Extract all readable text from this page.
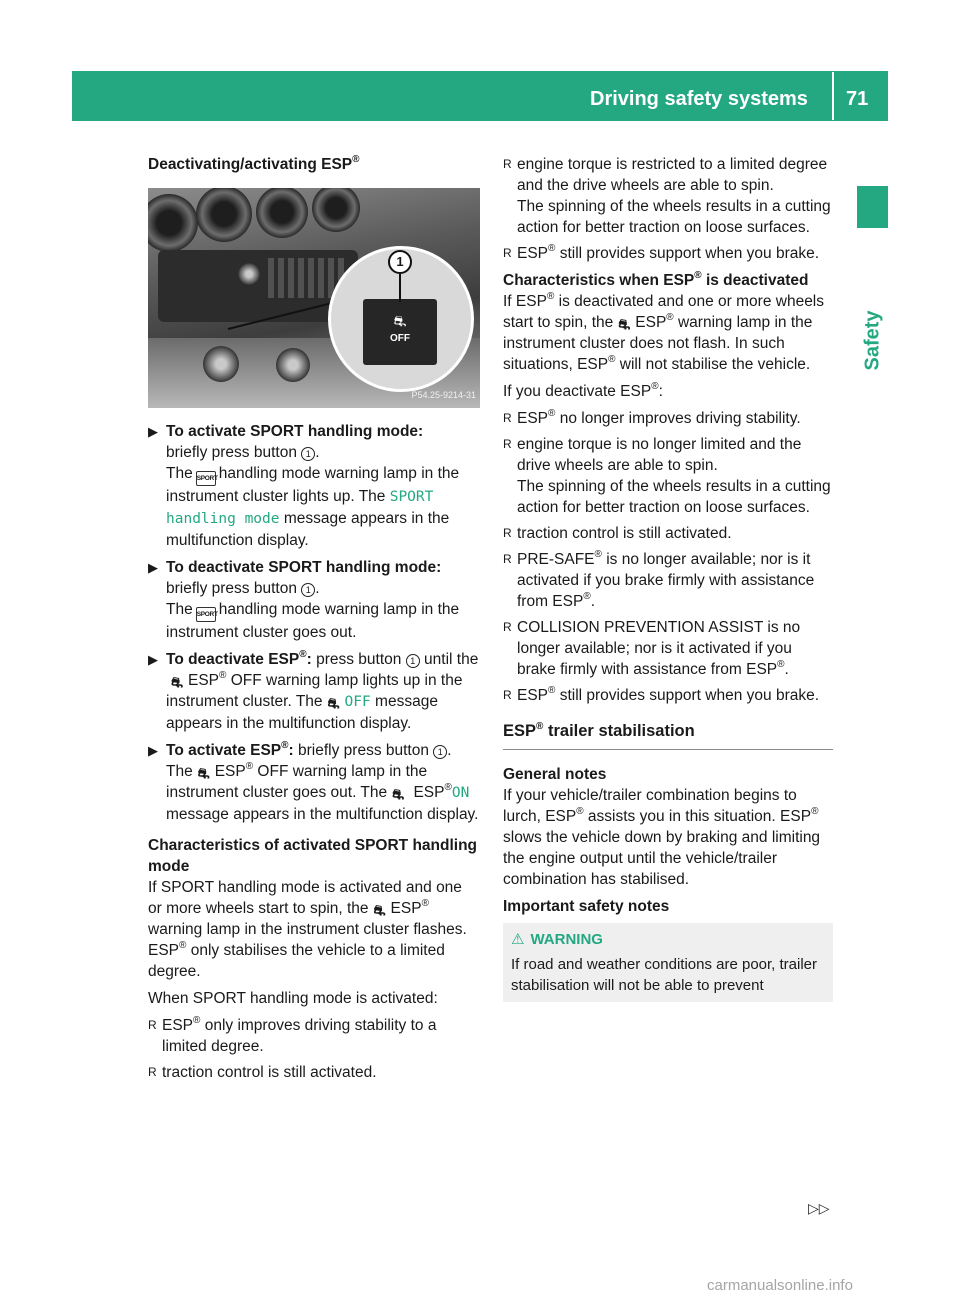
Driving safety systems 71
Safety
Deactivating/activating ESP®
⛐
OFF
1
P54.25-9214-31
▶ To activate SPORT handling mode:

briefly press button 1 .

The SPORThandling mode warning lamp in the instrument cluster lights up. The SPORT handling mode message appears in the multifunction display.

▶ To deactivate SPORT handling mode:

briefly press button 1 .

The SPORThandling mode warning lamp in the instrument cluster goes out.

▶ To deactivate ESP®: press button 1 until the⛐ ESP® OFF warning lamp lights up in the instrument cluster. The ⛐ OFF message appears in the multifunction display.

▶ To activate ESP®: briefly press button 1 . The ⛐ ESP® OFF warning lamp in the instrument cluster goes out. The ⛐ ESP®ON message appears in the multifunction display.

Characteristics of activated SPORT handling mode

If SPORT handling mode is activated and one or more wheels start to spin, the ⛐ ESP® warning lamp in the instrument cluster flashes. ESP® only stabilises the vehicle to a limited degree.

When SPORT handling mode is activated:

R ESP® only improves driving stability to a limited degree.
R traction control is still activated.
R engine torque is restricted to a limited degree and the drive wheels are able to spin.

The spinning of the wheels results in a cutting action for better traction on loose surfaces.

R ESP® still provides support when you brake.
Characteristics when ESP® is deactivated

If ESP® is deactivated and one or more wheels start to spin, the ⛐ ESP® warning lamp in the instrument cluster does not flash. In such situations, ESP® will not stabilise the vehicle.

If you deactivate ESP®:

R ESP® no longer improves driving stability.
R engine torque is no longer limited and the drive wheels are able to spin.

The spinning of the wheels results in a cutting action for better traction on loose surfaces.

R traction control is still activated.
R PRE-SAFE® is no longer available; nor is it activated if you brake firmly with assistance from ESP®.
R COLLISION PREVENTION ASSIST is no longer available; nor is it activated if you brake firmly with assistance from ESP®.
R ESP® still provides support when you brake.
ESP® trailer stabilisation
General notes

If your vehicle/trailer combination begins to lurch, ESP® assists you in this situation. ESP® slows the vehicle down by braking and limiting the engine output until the vehicle/trailer combination has stabilised.

Important safety notes
⚠ WARNING

If road and weather conditions are poor, trailer stabilisation will not be able to prevent

▷▷
carmanualsonline.info
